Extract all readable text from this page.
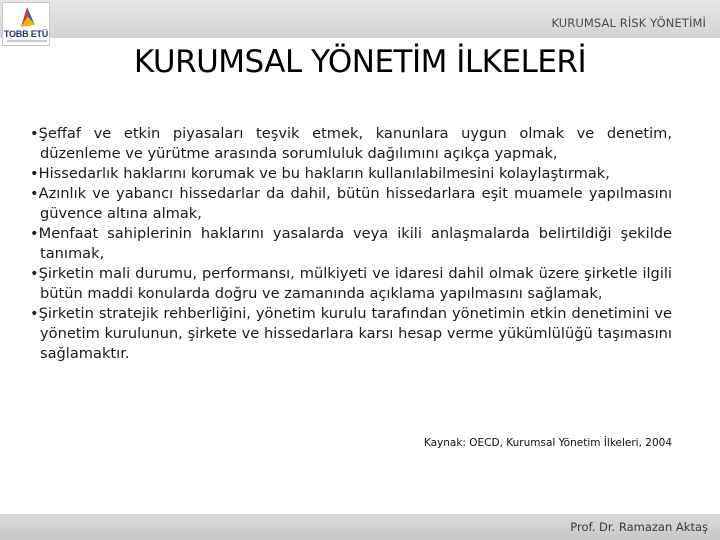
TOBB ETÜ
KURUMSAL RİSK YÖNETİMİ
KURUMSAL YÖNETİM İLKELERİ
•Şeffaf ve etkin piyasaları teşvik etmek, kanunlara uygun olmak ve denetim, düzenleme ve yürütme arasında sorumluluk dağılımını açıkça yapmak,
•Hissedarlık haklarını korumak ve bu hakların kullanılabilmesini kolaylaştırmak,
•Azınlık ve yabancı hissedarlar da dahil, bütün hissedarlara eşit muamele yapılmasını güvence altına almak,
•Menfaat sahiplerinin haklarını yasalarda veya ikili anlaşmalarda belirtildiği şekilde tanımak,
•Şirketin mali durumu, performansı, mülkiyeti ve idaresi dahil olmak üzere şirketle ilgili bütün maddi konularda doğru ve zamanında açıklama yapılmasını sağlamak,
•Şirketin stratejik rehberliğini, yönetim kurulu tarafından yönetimin etkin denetimini ve yönetim kurulunun, şirkete ve hissedarlara karsı hesap verme yükümlülüğü taşımasını sağlamaktır.
Kaynak: OECD, Kurumsal Yönetim İlkeleri, 2004
Prof. Dr. Ramazan Aktaş
